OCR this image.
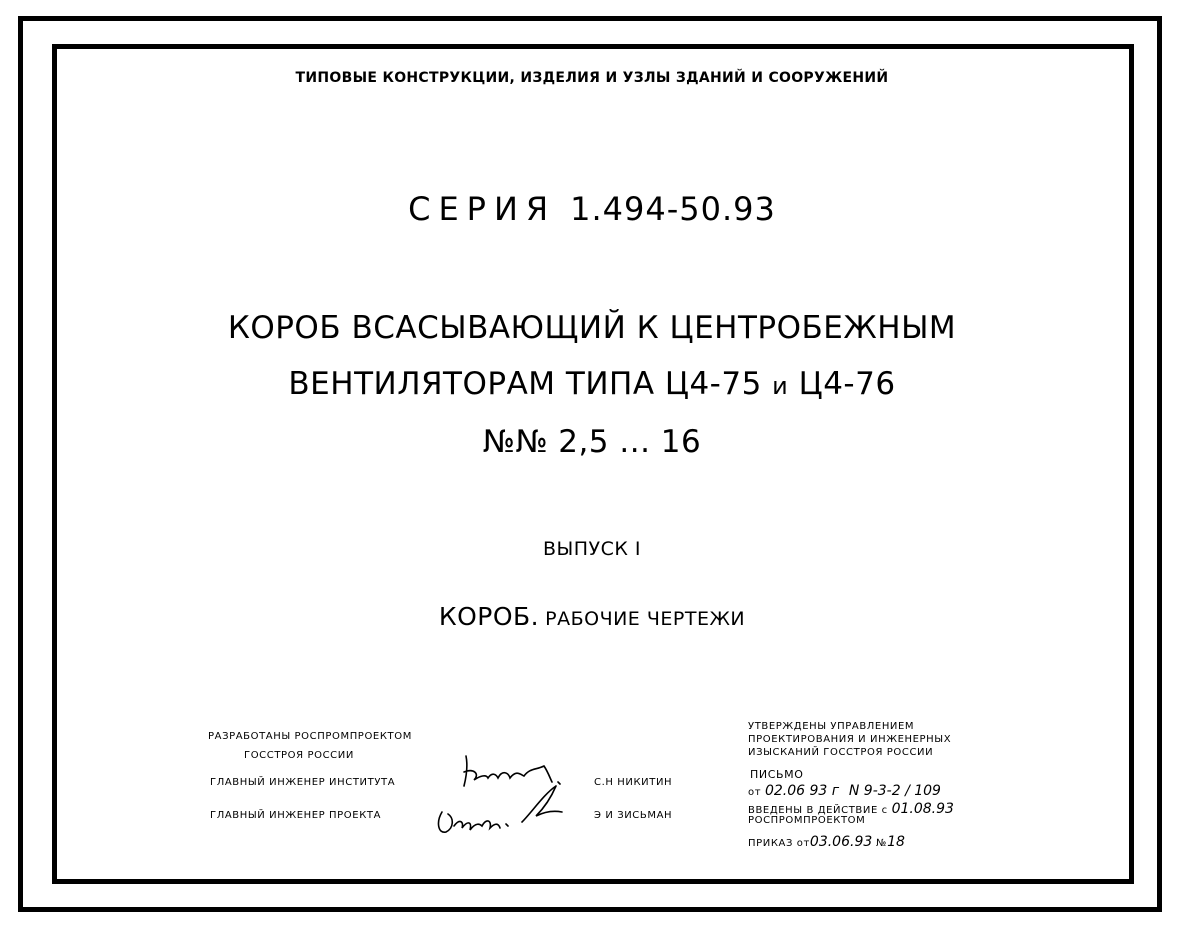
ТИПОВЫЕ КОНСТРУКЦИИ, ИЗДЕЛИЯ И УЗЛЫ ЗДАНИЙ И СООРУЖЕНИЙ
СЕРИЯ 1.494-50.93
КОРОБ ВСАСЫВАЮЩИЙ К ЦЕНТРОБЕЖНЫМ
ВЕНТИЛЯТОРАМ ТИПА Ц4-75 и Ц4-76
№№ 2,5 ... 16
ВЫПУСК I
КОРОБ. РАБОЧИЕ ЧЕРТЕЖИ
РАЗРАБОТАНЫ РОСПРОМПРОЕКТОМ
ГОССТРОЯ РОССИИ
ГЛАВНЫЙ ИНЖЕНЕР ИНСТИТУТА	С.Н НИКИТИН
ГЛАВНЫЙ ИНЖЕНЕР ПРОЕКТА	Э И ЗИСЬМАН
УТВЕРЖДЕНЫ УПРАВЛЕНИЕМ
ПРОЕКТИРОВАНИЯ И ИНЖЕНЕРНЫХ
ИЗЫСКАНИЙ ГОССТРОЯ РОССИИ
ПИСЬМО
от 02.06 93 г N 9-3-2 / 109
ВВЕДЕНЫ В ДЕЙСТВИЕ с 01.08.93
РОСПРОМПРОЕКТОМ
ПРИКАЗ от03.06.93 №18
